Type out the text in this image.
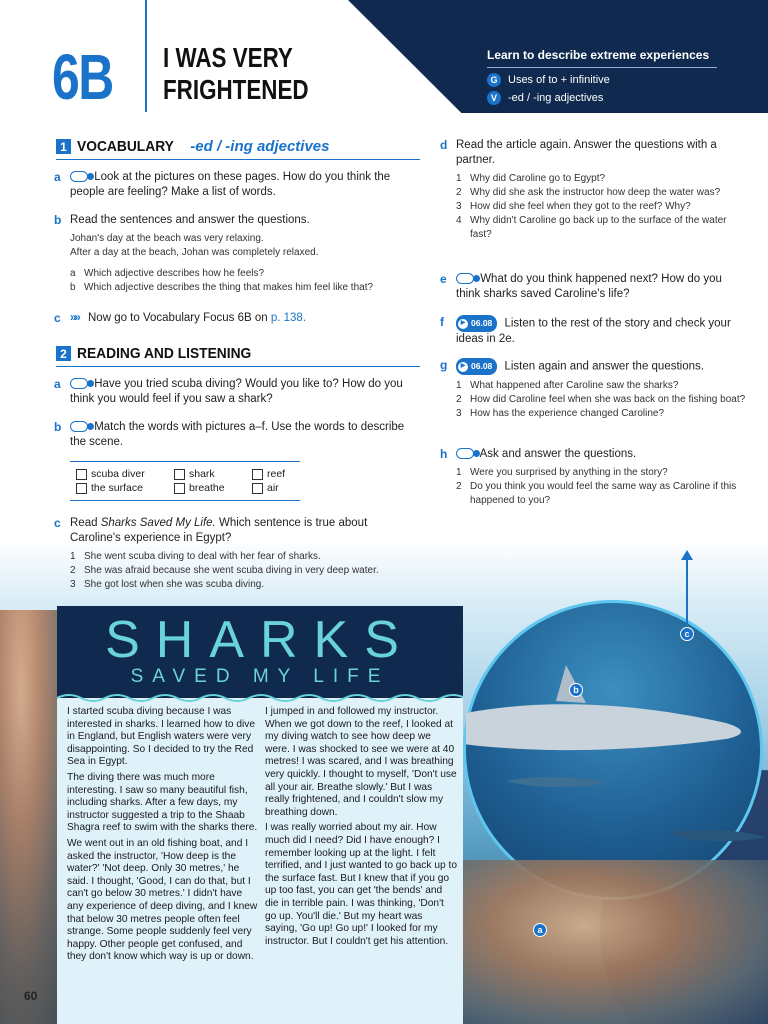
6B I WAS VERY FRIGHTENED
Learn to describe extreme experiences
G Uses of to + infinitive
V	-ed / -ing adjectives
1 VOCABULARY -ed / -ing adjectives
a	Look at the pictures on these pages. How do you think the people are feeling? Make a list of words.
b Read the sentences and answer the questions.
Johan's day at the beach was very relaxing.
After a day at the beach, Johan was completely relaxed.
a Which adjective describes how he feels?
b Which adjective describes the thing that makes him feel like that?
c »» Now go to Vocabulary Focus 6B on p. 138.
2 READING AND LISTENING
a	Have you tried scuba diving? Would you like to? How do you think you would feel if you saw a shark?
b	Match the words with pictures a–f. Use the words to describe the scene.
scuba diver	shark	reef
the surface	breathe	air
a
b
c
c Read Sharks Saved My Life. Which sentence is true about Caroline's experience in Egypt?
1 She went scuba diving to deal with her fear of sharks.
2 She was afraid because she went scuba diving in very deep water.
3 She got lost when she was scuba diving.
d Read the article again. Answer the questions with a partner.
1 Why did Caroline go to Egypt?
2 Why did she ask the instructor how deep the water was?
3 How did she feel when they got to the reef? Why?
4 Why didn't Caroline go back up to the surface of the water fast?
e	What do you think happened next? How do you think sharks saved Caroline's life?
f	▶ 06.08 Listen to the rest of the story and check your ideas in 2e.
g	▶ 06.08 Listen again and answer the questions.
1 What happened after Caroline saw the sharks?
2 How did Caroline feel when she was back on the fishing boat?
3 How has the experience changed Caroline?
h	Ask and answer the questions.
1 Were you surprised by anything in the story?
2 Do you think you would feel the same way as Caroline if this happened to you?
SHARKS
SAVED MY LIFE

I started scuba diving because I was interested in sharks. I learned how to dive in England, but English waters were very disappointing. So I decided to try the Red Sea in Egypt.

The diving there was much more interesting. I saw so many beautiful fish, including sharks. After a few days, my instructor suggested a trip to the Shaab Shagra reef to swim with the sharks there.

We went out in an old fishing boat, and I asked the instructor, 'How deep is the water?' 'Not deep. Only 30 metres,' he said. I thought, 'Good, I can do that, but I can't go below 30 metres.' I didn't have any experience of deep diving, and I knew that below 30 metres people often feel strange. Some people suddenly feel very happy. Other people get confused, and they don't know which way is up or down.

I jumped in and followed my instructor. When we got down to the reef, I looked at my diving watch to see how deep we were. I was shocked to see we were at 40 metres! I was scared, and I was breathing very quickly. I thought to myself, 'Don't use all your air. Breathe slowly.' But I was really frightened, and I couldn't slow my breathing down.

I was really worried about my air. How much did I need? Did I have enough? I remember looking up at the light. I felt terrified, and I just wanted to go back up to the surface fast. But I knew that if you go up too fast, you can get 'the bends' and die in terrible pain. I was thinking, 'Don't go up. You'll die.' But my heart was saying, 'Go up! Go up!' I looked for my instructor. But I couldn't get his attention.

60
